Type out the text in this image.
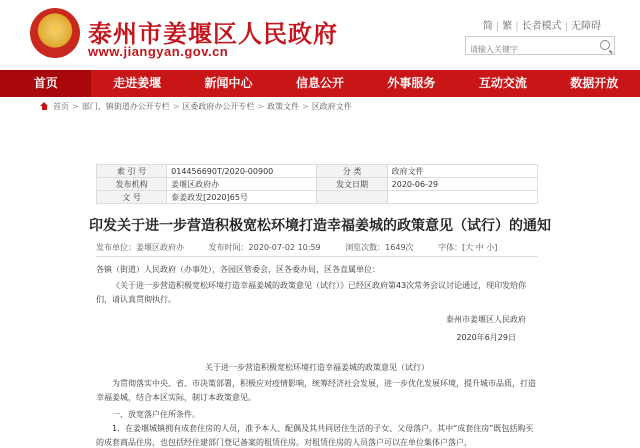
★
泰州市姜堰区人民政府
www.jiangyan.gov.cn
简 | 繁 | 长者模式 | 无障碍
请输入关键字
首页	走进姜堰	新闻中心	信息公开	外事服务	互动交流	数据开放
首页 > 部门、镇街道办公开专栏 > 区委政府办公开专栏 > 政策文件 > 区政府文件
索 引 号	014456690T/2020-00900	分 类	政府文件
发布机构	姜堰区政府办	发文日期	2020-06-29
文 号	泰姜政发[2020]65号		
印发关于进一步营造积极宽松环境打造幸福姜城的政策意见（试行）的通知
发布单位：姜堰区政府办	发布时间：2020-07-02 10:59	浏览次数：1649次	字体：[大 中 小]
各镇（街道）人民政府（办事处），各园区管委会，区各委办局，区各直属单位：
《关于进一步营造积极宽松环境打造幸福姜城的政策意见（试行）》已经区政府第43次常务会议讨论通过，现印发给你们，请认真贯彻执行。
泰州市姜堰区人民政府
2020年6月29日
关于进一步营造积极宽松环境打造幸福姜城的政策意见（试行）
为贯彻落实中央、省、市决策部署，积极应对疫情影响，统筹经济社会发展，进一步优化发展环境，提升城市品质，打造幸福姜城，结合本区实际，制订本政策意见。
一、放宽落户住所条件。
1．在姜堰城镇拥有成套住房的人员，准予本人、配偶及其共同居住生活的子女、父母落户。其中“成套住房”既包括购买的成套商品住房，也包括经住建部门登记备案的租赁住房。对租赁住房的人员落户可以在单位集体户落户，
